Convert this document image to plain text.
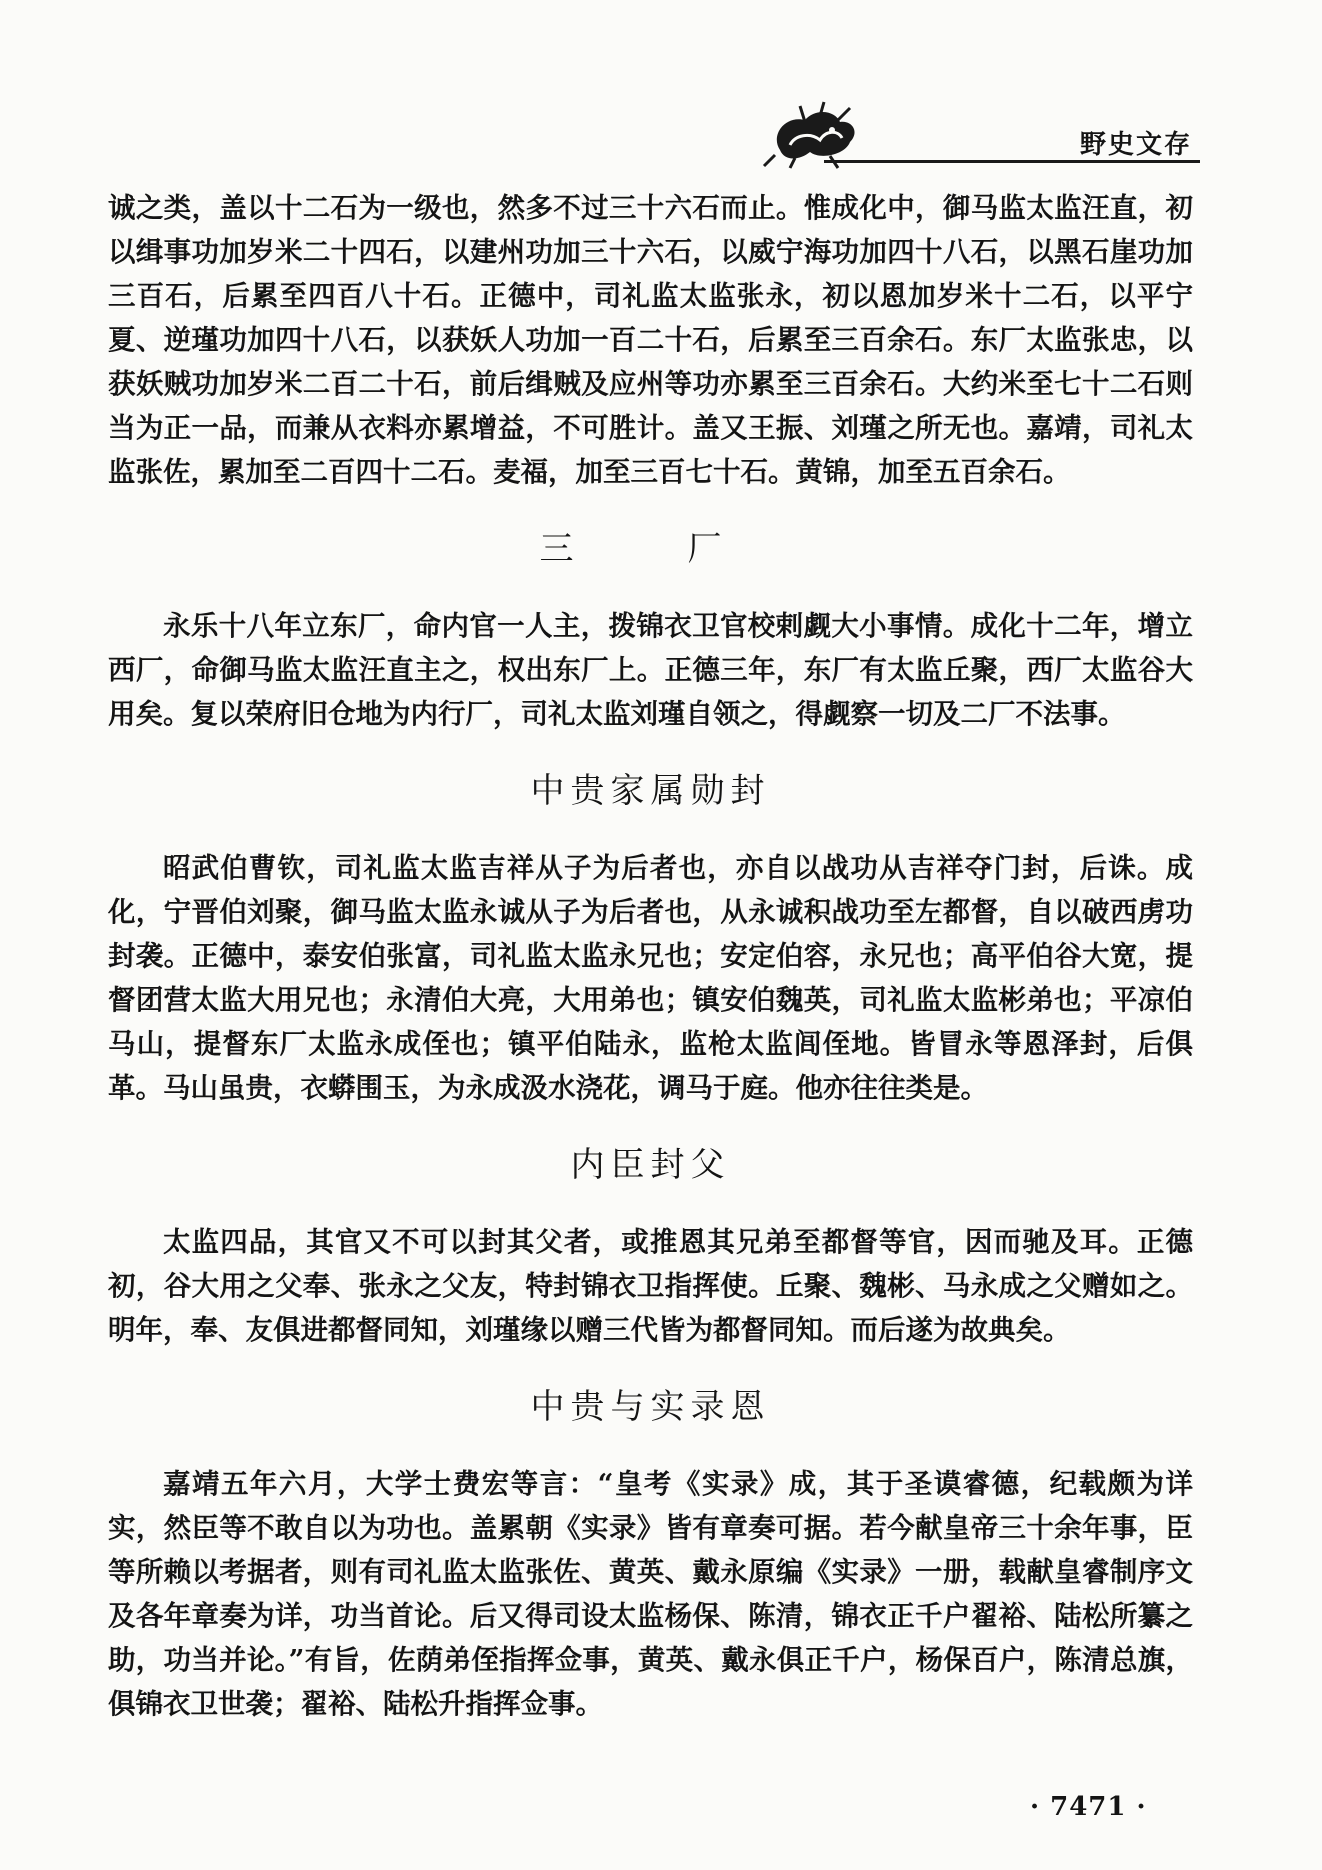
野史文存

诚之类，盖以十二石为一级也，然多不过三十六石而止。惟成化中，御马监太监汪直，初以缉事功加岁米二十四石，以建州功加三十六石，以威宁海功加四十八石，以黑石崖功加三百石，后累至四百八十石。正德中，司礼监太监张永，初以恩加岁米十二石，以平宁夏、逆瑾功加四十八石，以获妖人功加一百二十石，后累至三百余石。东厂太监张忠，以获妖贼功加岁米二百二十石，前后缉贼及应州等功亦累至三百余石。大约米至七十二石则当为正一品，而兼从衣料亦累增益，不可胜计。盖又王振、刘瑾之所无也。嘉靖，司礼太监张佐，累加至二百四十二石。麦福，加至三百七十石。黄锦，加至五百余石。

三　厂

永乐十八年立东厂，命内官一人主，拨锦衣卫官校剌觑大小事情。成化十二年，增立西厂，命御马监太监汪直主之，权出东厂上。正德三年，东厂有太监丘聚，西厂太监谷大用矣。复以荣府旧仓地为内行厂，司礼太监刘瑾自领之，得觑察一切及二厂不法事。

中贵家属勋封

昭武伯曹钦，司礼监太监吉祥从子为后者也，亦自以战功从吉祥夺门封，后诛。成化，宁晋伯刘聚，御马监太监永诚从子为后者也，从永诚积战功至左都督，自以破西虏功封袭。正德中，泰安伯张富，司礼监太监永兄也；安定伯容，永兄也；高平伯谷大宽，提督团营太监大用兄也；永清伯大亮，大用弟也；镇安伯魏英，司礼监太监彬弟也；平凉伯马山，提督东厂太监永成侄也；镇平伯陆永，监枪太监闾侄地。皆冒永等恩泽封，后俱革。马山虽贵，衣蟒围玉，为永成汲水浇花，调马于庭。他亦往往类是。

内臣封父

太监四品，其官又不可以封其父者，或推恩其兄弟至都督等官，因而驰及耳。正德初，谷大用之父奉、张永之父友，特封锦衣卫指挥使。丘聚、魏彬、马永成之父赠如之。明年，奉、友俱进都督同知，刘瑾缘以赠三代皆为都督同知。而后遂为故典矣。

中贵与实录恩

嘉靖五年六月，大学士费宏等言：“皇考《实录》成，其于圣谟睿德，纪载颇为详实，然臣等不敢自以为功也。盖累朝《实录》皆有章奏可据。若今献皇帝三十余年事，臣等所赖以考据者，则有司礼监太监张佐、黄英、戴永原编《实录》一册，载献皇睿制序文及各年章奏为详，功当首论。后又得司设太监杨保、陈清，锦衣正千户翟裕、陆松所纂之助，功当并论。”有旨，佐荫弟侄指挥佥事，黄英、戴永俱正千户，杨保百户，陈清总旗，俱锦衣卫世袭；翟裕、陆松升指挥佥事。

· 7471 ·
